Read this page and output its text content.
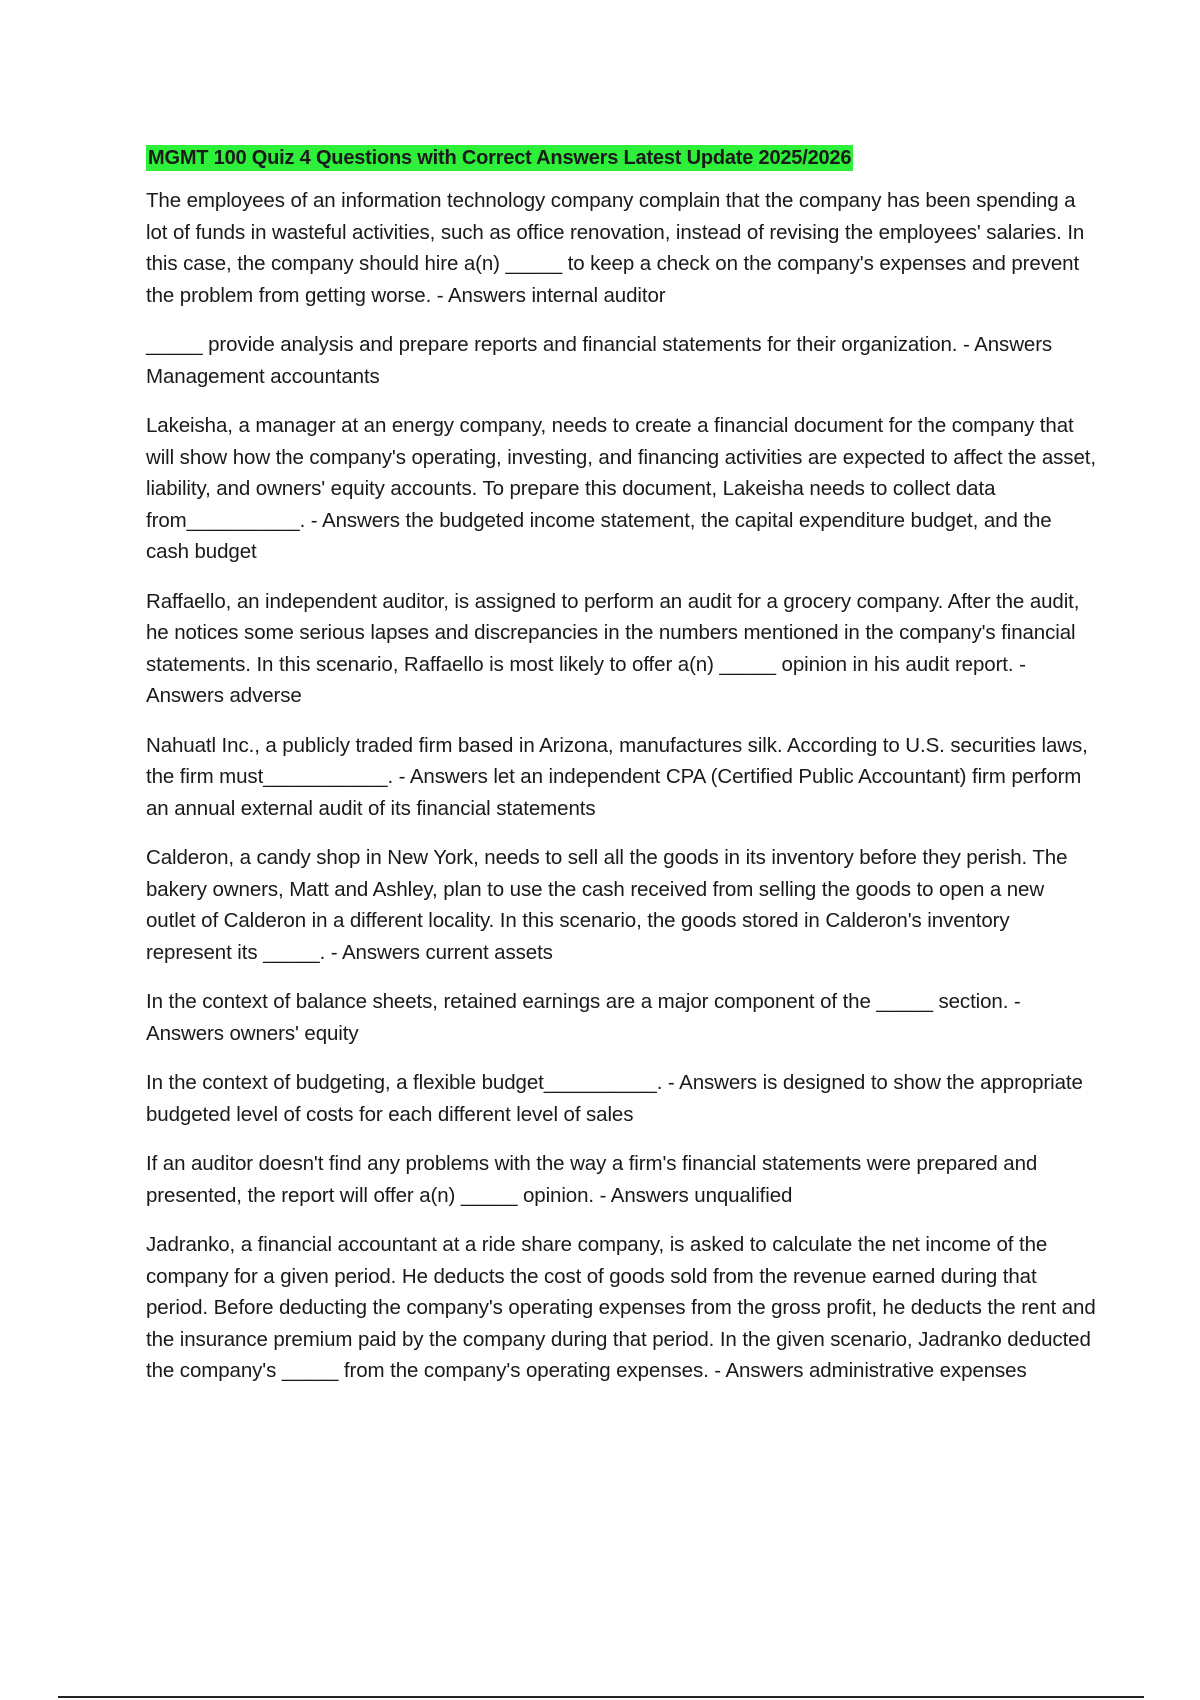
MGMT 100 Quiz 4 Questions with Correct Answers Latest Update 2025/2026

The employees of an information technology company complain that the company has been spending a lot of funds in wasteful activities, such as office renovation, instead of revising the employees' salaries. In this case, the company should hire a(n) _____ to keep a check on the company's expenses and prevent the problem from getting worse. - Answers internal auditor

_____ provide analysis and prepare reports and financial statements for their organization. - Answers Management accountants

Lakeisha, a manager at an energy company, needs to create a financial document for the company that will show how the company's operating, investing, and financing activities are expected to affect the asset, liability, and owners' equity accounts. To prepare this document, Lakeisha needs to collect data from__________. - Answers the budgeted income statement, the capital expenditure budget, and the cash budget

Raffaello, an independent auditor, is assigned to perform an audit for a grocery company. After the audit, he notices some serious lapses and discrepancies in the numbers mentioned in the company's financial statements. In this scenario, Raffaello is most likely to offer a(n) _____ opinion in his audit report. - Answers adverse

Nahuatl Inc., a publicly traded firm based in Arizona, manufactures silk. According to U.S. securities laws, the firm must___________. - Answers let an independent CPA (Certified Public Accountant) firm perform an annual external audit of its financial statements

Calderon, a candy shop in New York, needs to sell all the goods in its inventory before they perish. The bakery owners, Matt and Ashley, plan to use the cash received from selling the goods to open a new outlet of Calderon in a different locality. In this scenario, the goods stored in Calderon's inventory represent its _____. - Answers current assets

In the context of balance sheets, retained earnings are a major component of the _____ section. - Answers owners' equity

In the context of budgeting, a flexible budget__________. - Answers is designed to show the appropriate budgeted level of costs for each different level of sales

If an auditor doesn't find any problems with the way a firm's financial statements were prepared and presented, the report will offer a(n) _____ opinion. - Answers unqualified

Jadranko, a financial accountant at a ride share company, is asked to calculate the net income of the company for a given period. He deducts the cost of goods sold from the revenue earned during that period. Before deducting the company's operating expenses from the gross profit, he deducts the rent and the insurance premium paid by the company during that period. In the given scenario, Jadranko deducted the company's _____ from the company's operating expenses. - Answers administrative expenses
